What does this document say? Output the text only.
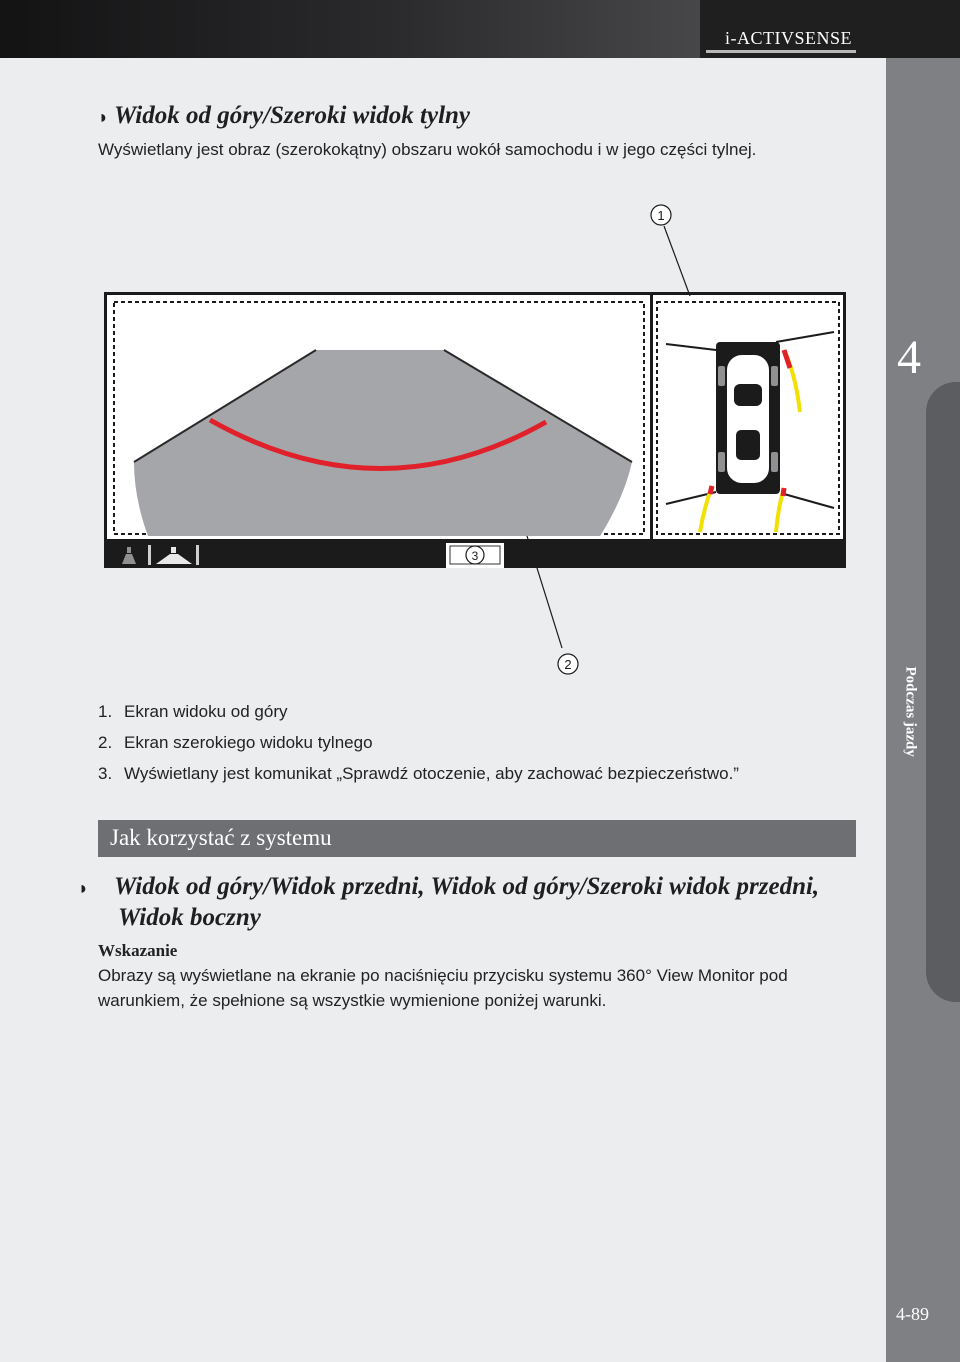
i-ACTIVSENSE
4
Podczas jazdy
4-89
◗ Widok od góry/Szeroki widok tylny

Wyświetlany jest obraz (szerokokątny) obszaru wokół samochodu i w jego części tylnej.

1
2
3
1. Ekran widoku od góry
2. Ekran szerokiego widoku tylnego
3. Wyświetlany jest komunikat „Sprawdź otoczenie, aby zachować bezpieczeństwo.”
Jak korzystać z systemu
◗ Widok od góry/Widok przedni, Widok od góry/Szeroki widok przedni, Widok boczny

Wskazanie

Obrazy są wyświetlane na ekranie po naciśnięciu przycisku systemu 360° View Monitor pod warunkiem, że spełnione są wszystkie wymienione poniżej warunki.
